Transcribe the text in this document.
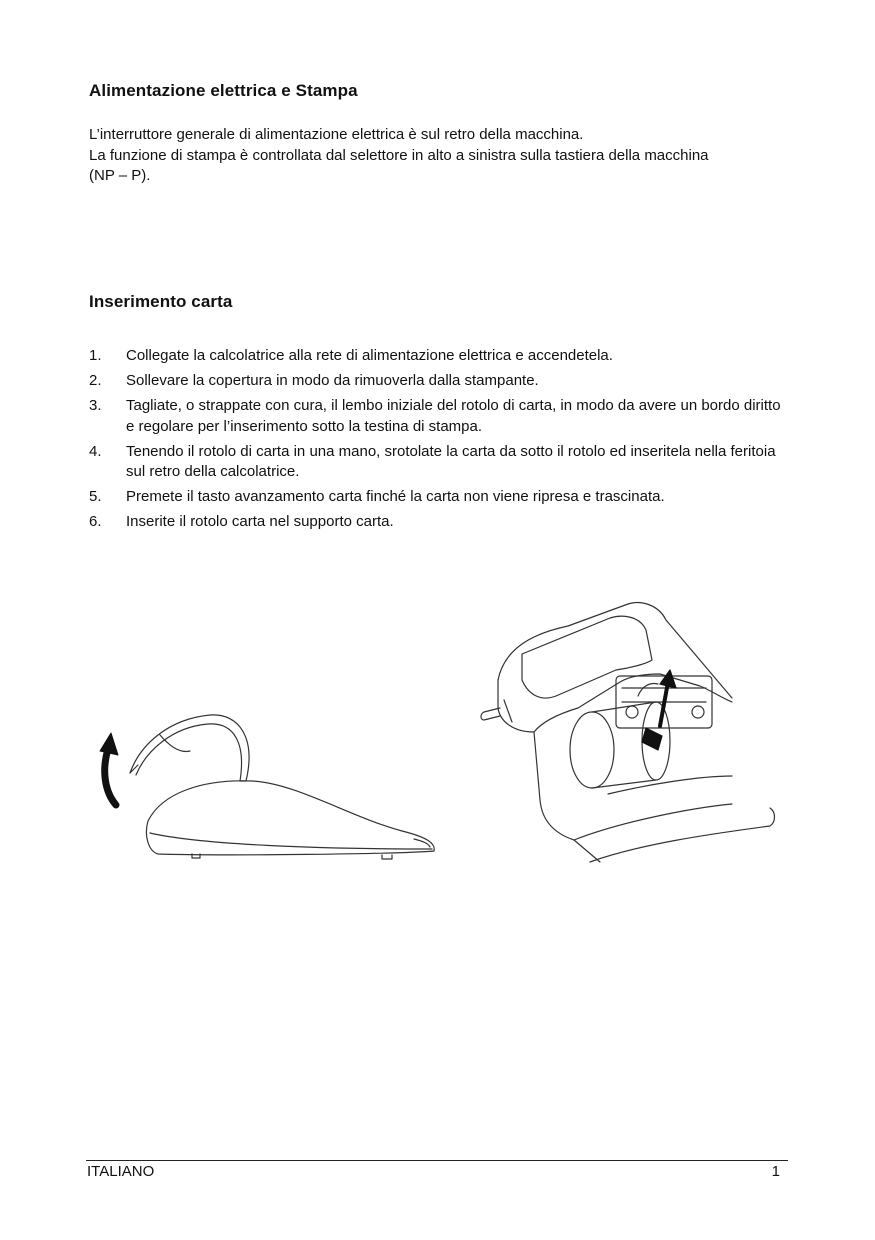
Alimentazione elettrica e Stampa
L’interruttore generale di alimentazione elettrica è sul retro della macchina.
La funzione di stampa è controllata dal selettore in alto a sinistra sulla tastiera della macchina
(NP – P).
Inserimento carta
1. Collegate la calcolatrice alla rete di alimentazione elettrica e accendetela.
2. Sollevare la copertura in modo da rimuoverla dalla stampante.
3. Tagliate, o strappate con cura, il lembo iniziale del rotolo di carta, in modo da avere un bordo diritto e regolare per l’inserimento sotto la testina di stampa.
4. Tenendo il rotolo di carta in una mano, srotolate la carta da sotto il rotolo ed inseritela nella feritoia sul retro della calcolatrice.
5. Premete il tasto avanzamento carta finché la carta non viene ripresa e trascinata.
6. Inserite il rotolo carta nel supporto carta.
ITALIANO	1
